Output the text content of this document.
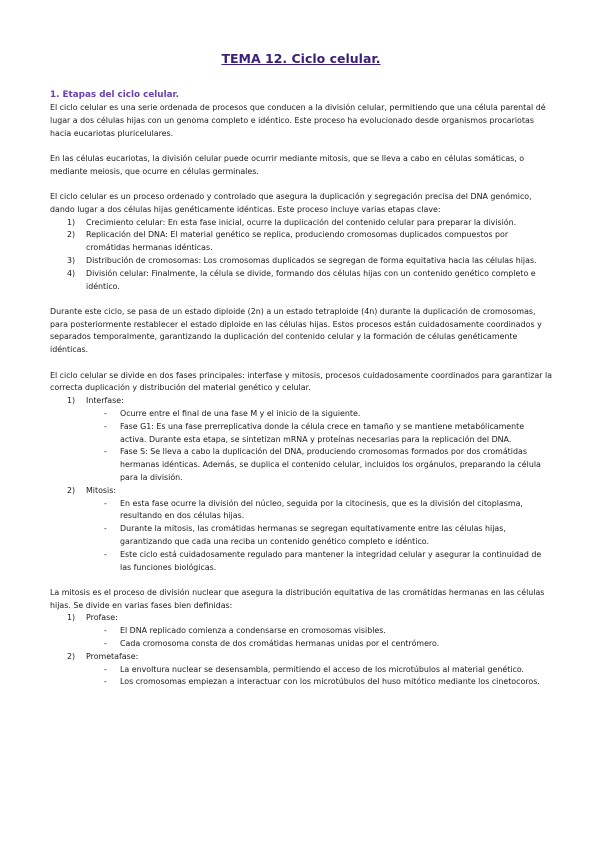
TEMA 12. Ciclo celular.
1. Etapas del ciclo celular.

El ciclo celular es una serie ordenada de procesos que conducen a la división celular, permitiendo que una célula parental dé lugar a dos células hijas con un genoma completo e idéntico. Este proceso ha evolucionado desde organismos procariotas hacia eucariotas pluricelulares.

En las células eucariotas, la división celular puede ocurrir mediante mitosis, que se lleva a cabo en células somáticas, o mediante meiosis, que ocurre en células germinales.

El ciclo celular es un proceso ordenado y controlado que asegura la duplicación y segregación precisa del DNA genómico, dando lugar a dos células hijas genéticamente idénticas. Este proceso incluye varias etapas clave:

1) Crecimiento celular: En esta fase inicial, ocurre la duplicación del contenido celular para preparar la división.
2) Replicación del DNA: El material genético se replica, produciendo cromosomas duplicados compuestos por cromátidas hermanas idénticas.
3) Distribución de cromosomas: Los cromosomas duplicados se segregan de forma equitativa hacia las células hijas.
4) División celular: Finalmente, la célula se divide, formando dos células hijas con un contenido genético completo e idéntico.

Durante este ciclo, se pasa de un estado diploide (2n) a un estado tetraploide (4n) durante la duplicación de cromosomas, para posteriormente restablecer el estado diploide en las células hijas. Estos procesos están cuidadosamente coordinados y separados temporalmente, garantizando la duplicación del contenido celular y la formación de células genéticamente idénticas.

El ciclo celular se divide en dos fases principales: interfase y mitosis, procesos cuidadosamente coordinados para garantizar la correcta duplicación y distribución del material genético y celular.

1) Interfase:
- Ocurre entre el final de una fase M y el inicio de la siguiente.
- Fase G1: Es una fase prerreplicativa donde la célula crece en tamaño y se mantiene metabólicamente activa. Durante esta etapa, se sintetizan mRNA y proteínas necesarias para la replicación del DNA.
- Fase S: Se lleva a cabo la duplicación del DNA, produciendo cromosomas formados por dos cromátidas hermanas idénticas. Además, se duplica el contenido celular, incluidos los orgánulos, preparando la célula para la división.
2) Mitosis:
- En esta fase ocurre la división del núcleo, seguida por la citocinesis, que es la división del citoplasma, resultando en dos células hijas.
- Durante la mitosis, las cromátidas hermanas se segregan equitativamente entre las células hijas, garantizando que cada una reciba un contenido genético completo e idéntico.
- Este ciclo está cuidadosamente regulado para mantener la integridad celular y asegurar la continuidad de las funciones biológicas.

La mitosis es el proceso de división nuclear que asegura la distribución equitativa de las cromátidas hermanas en las células hijas. Se divide en varias fases bien definidas:

1) Profase:
- El DNA replicado comienza a condensarse en cromosomas visibles.
- Cada cromosoma consta de dos cromátidas hermanas unidas por el centrómero.
2) Prometafase:
- La envoltura nuclear se desensambla, permitiendo el acceso de los microtúbulos al material genético.
- Los cromosomas empiezan a interactuar con los microtúbulos del huso mitótico mediante los cinetocoros.
